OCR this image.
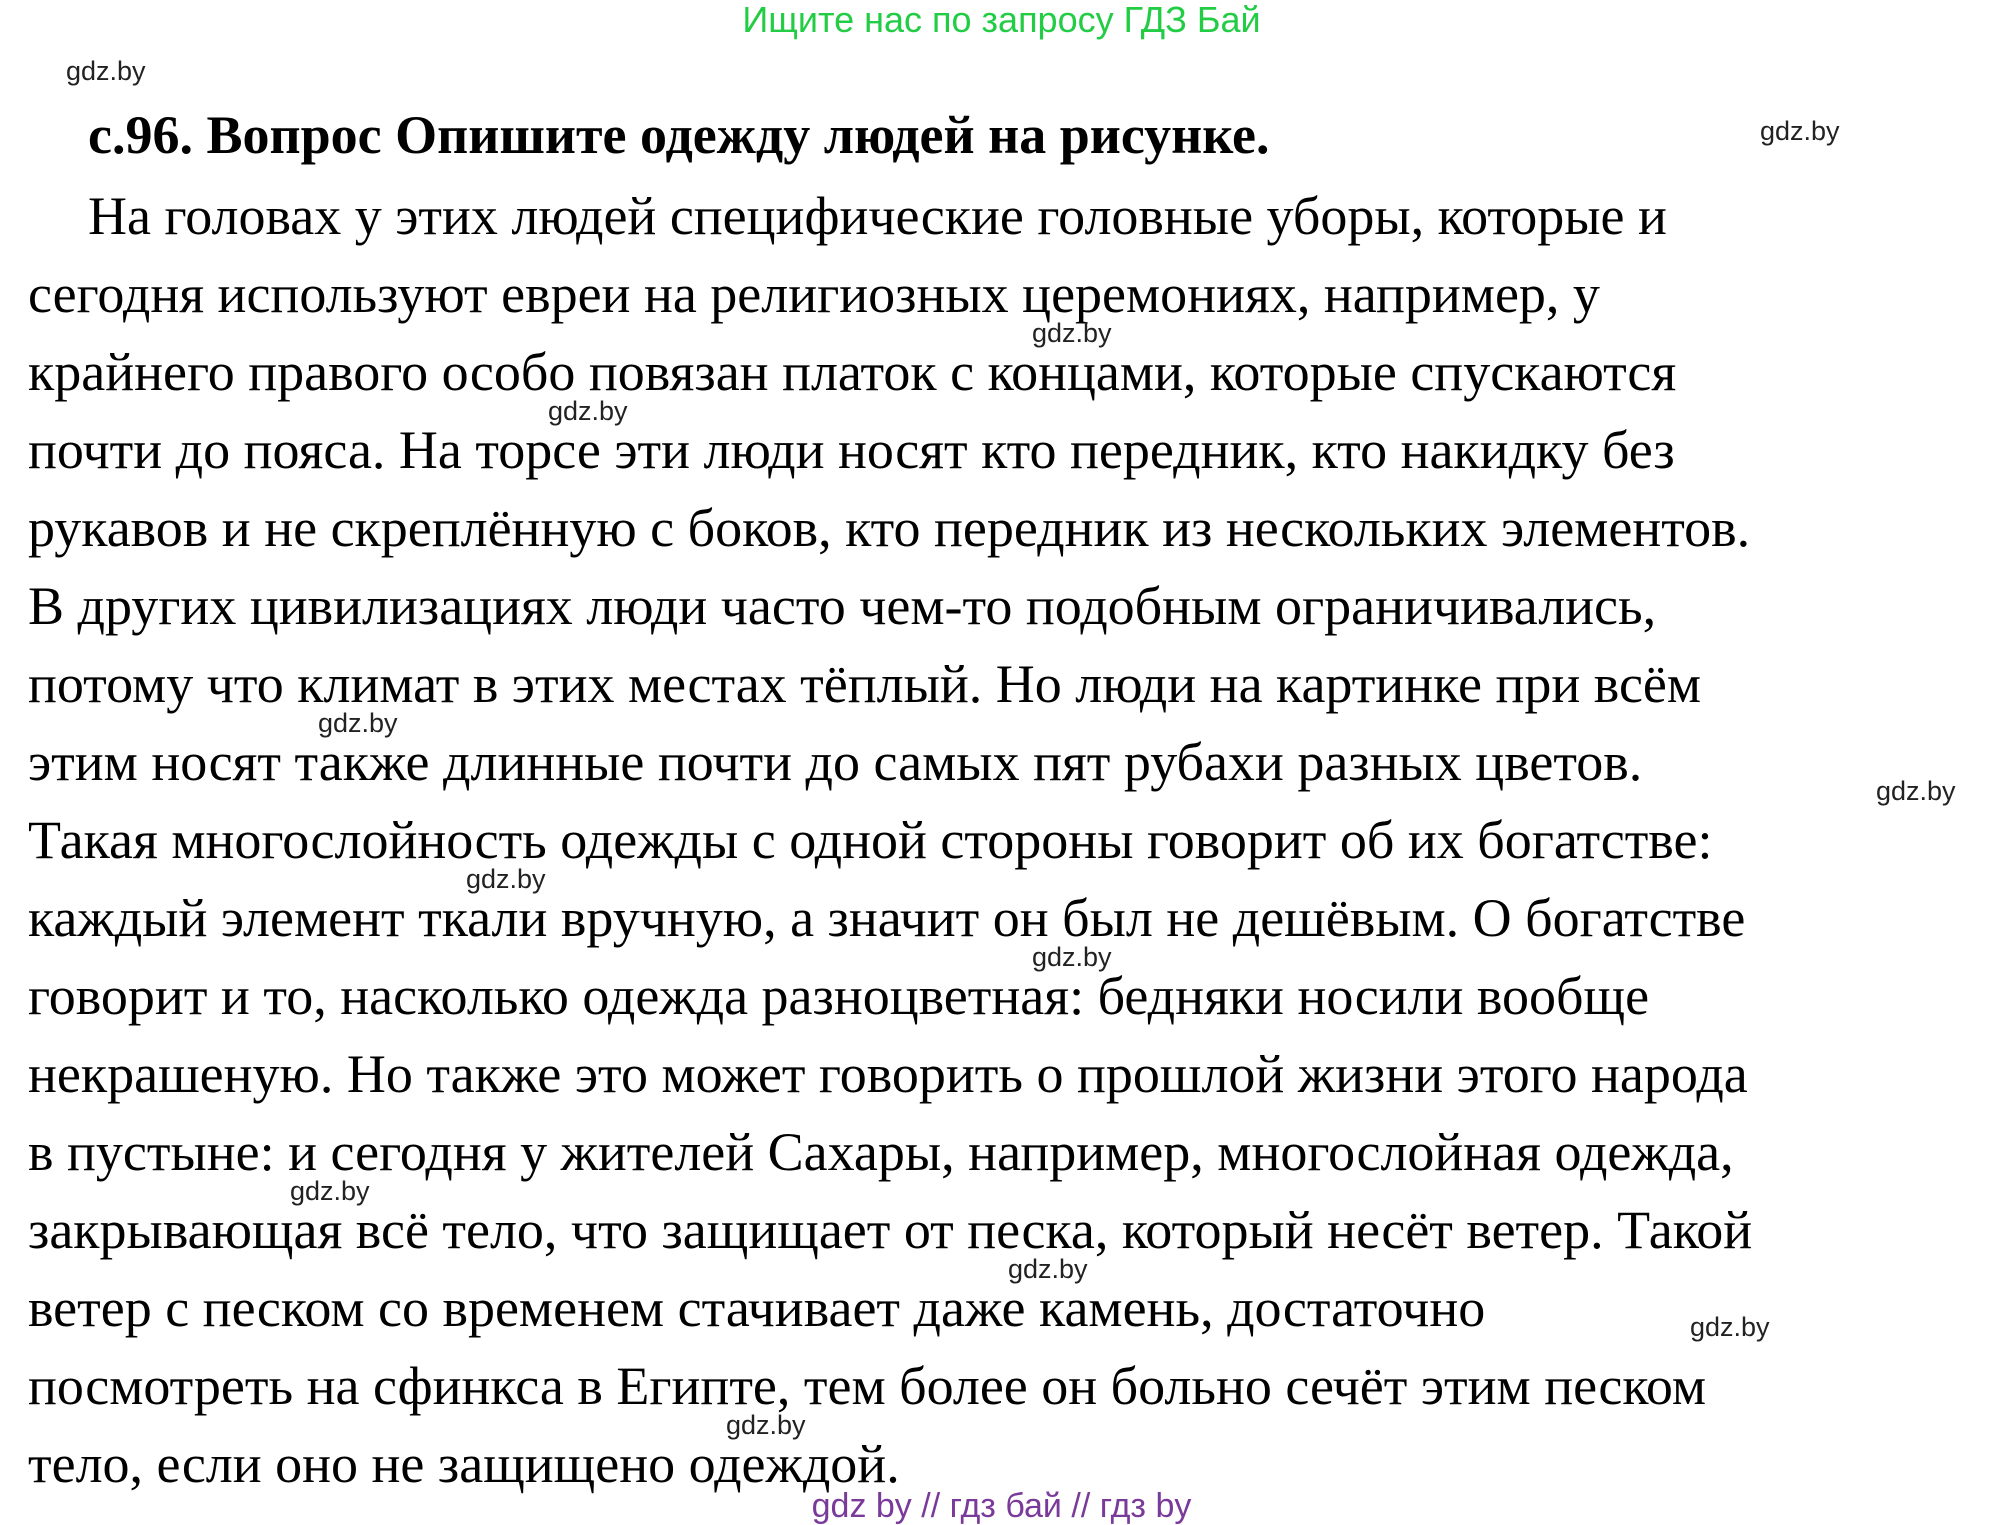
Ищите нас по запросу ГДЗ Бай
с.96. Вопрос Опишите одежду людей на рисунке.
На головах у этих людей специфические головные уборы, которые и
сегодня используют евреи на религиозных церемониях, например, у
крайнего правого особо повязан платок с концами, которые спускаются
почти до пояса. На торсе эти люди носят кто передник, кто накидку без
рукавов и не скреплённую с боков, кто передник из нескольких элементов.
В других цивилизациях люди часто чем-то подобным ограничивались,
потому что климат в этих местах тёплый. Но люди на картинке при всём
этим носят также длинные почти до самых пят рубахи разных цветов.
Такая многослойность одежды с одной стороны говорит об их богатстве:
каждый элемент ткали вручную, а значит он был не дешёвым. О богатстве
говорит и то, насколько одежда разноцветная: бедняки носили вообще
некрашеную. Но также это может говорить о прошлой жизни этого народа
в пустыне: и сегодня у жителей Сахары, например, многослойная одежда,
закрывающая всё тело, что защищает от песка, который несёт ветер. Такой
ветер с песком со временем стачивает даже камень, достаточно
посмотреть на сфинкса в Египте, тем более он больно сечёт этим песком
тело, если оно не защищено одеждой.
gdz.by
gdz.by
gdz.by
gdz.by
gdz.by
gdz.by
gdz.by
gdz.by
gdz.by
gdz.by
gdz.by
gdz.by
gdz by // гдз бай // гдз by
